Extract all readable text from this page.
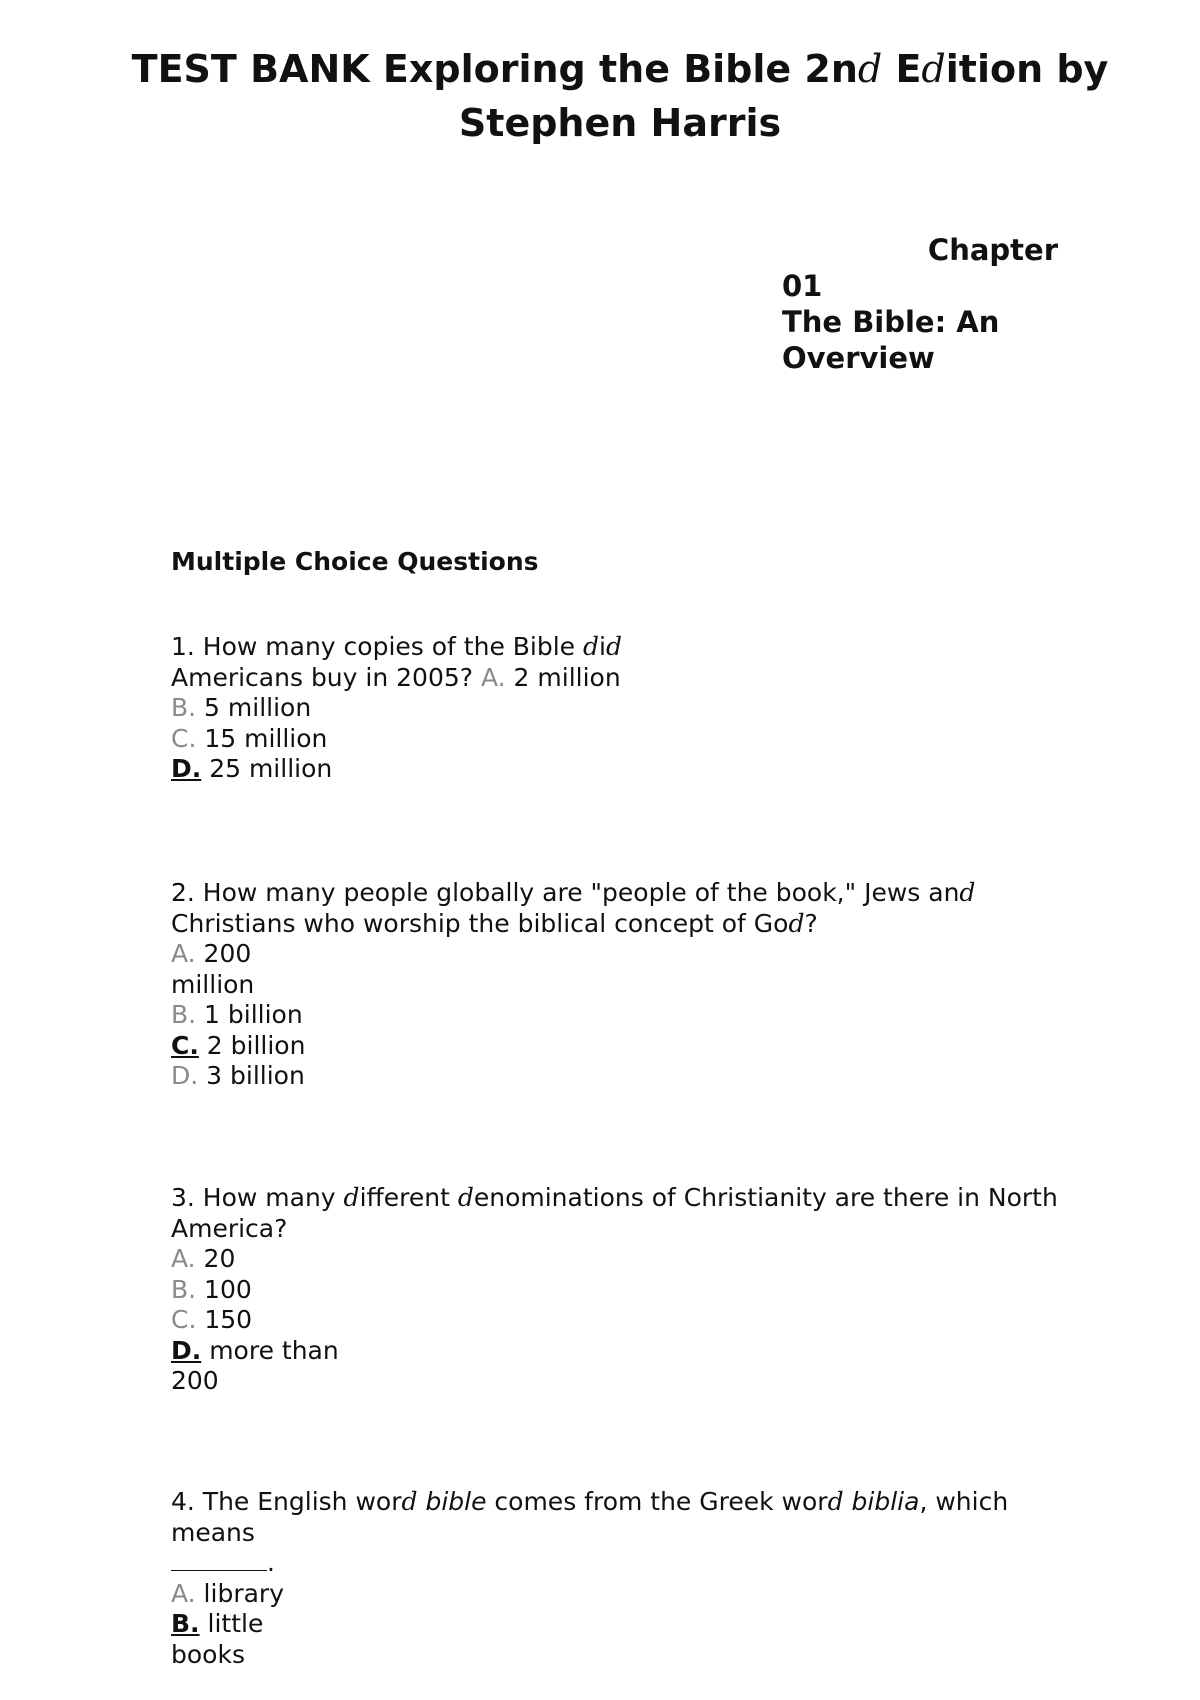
TEST BANK Exploring the Bible 2nd Edition by
Stephen Harris
Chapter
01
The Bible: An
Overview
Multiple Choice Questions
1. How many copies of the Bible did Americans buy in 2005? A. 2 million
B. 5 million
C. 15 million
D. 25 million
2. How many people globally are "people of the book," Jews and Christians who worship the biblical concept of God?
A. 200 million
B. 1 billion
C. 2 billion
D. 3 billion
3. How many different denominations of Christianity are there in North America?
A. 20
B. 100
C. 150
D. more than 200
4. The English word bible comes from the Greek word biblia, which means
.
A. library
B. little books
